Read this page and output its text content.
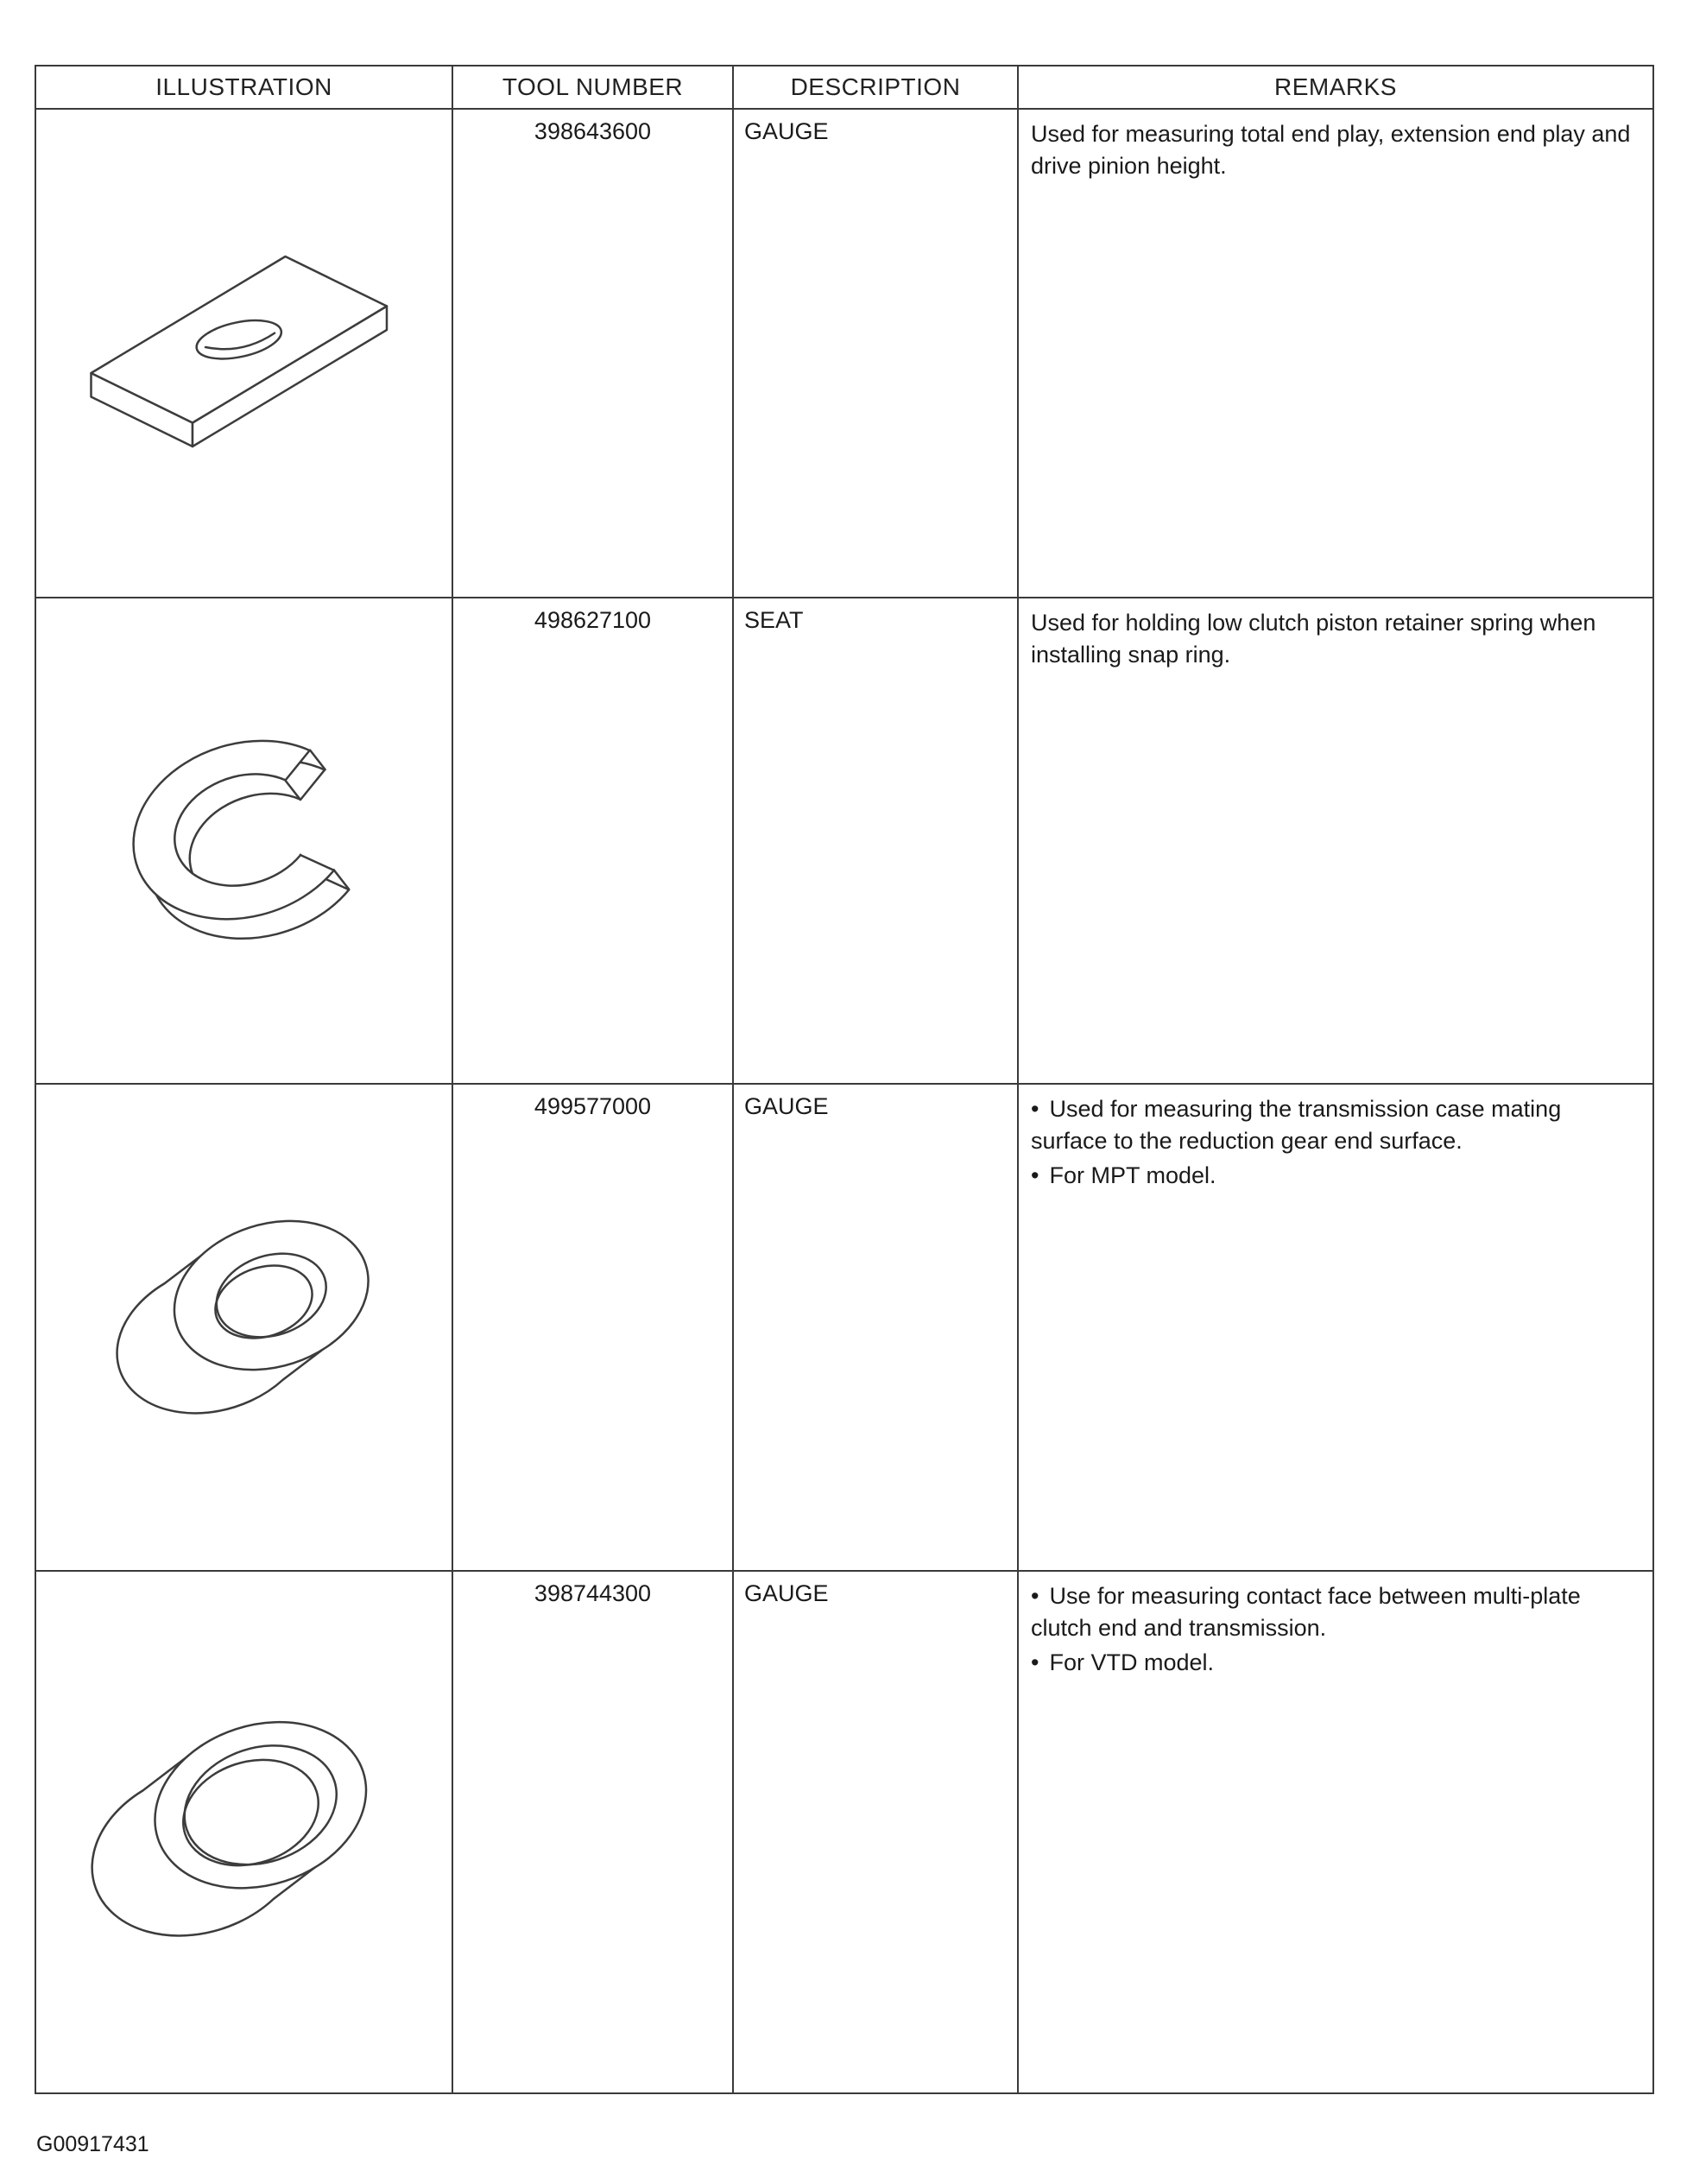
ILLUSTRATION	TOOL NUMBER	DESCRIPTION	REMARKS
398643600	GAUGE	Used for measuring total end play, extension end play and drive pinion height.
498627100	SEAT	Used for holding low clutch piston retainer spring when installing snap ring.
499577000	GAUGE	• Used for measuring the transmission case mating surface to the reduction gear end surface.
• For MPT model.
398744300	GAUGE	• Use for measuring contact face between multi-plate clutch end and transmission.
• For VTD model.
G00917431
